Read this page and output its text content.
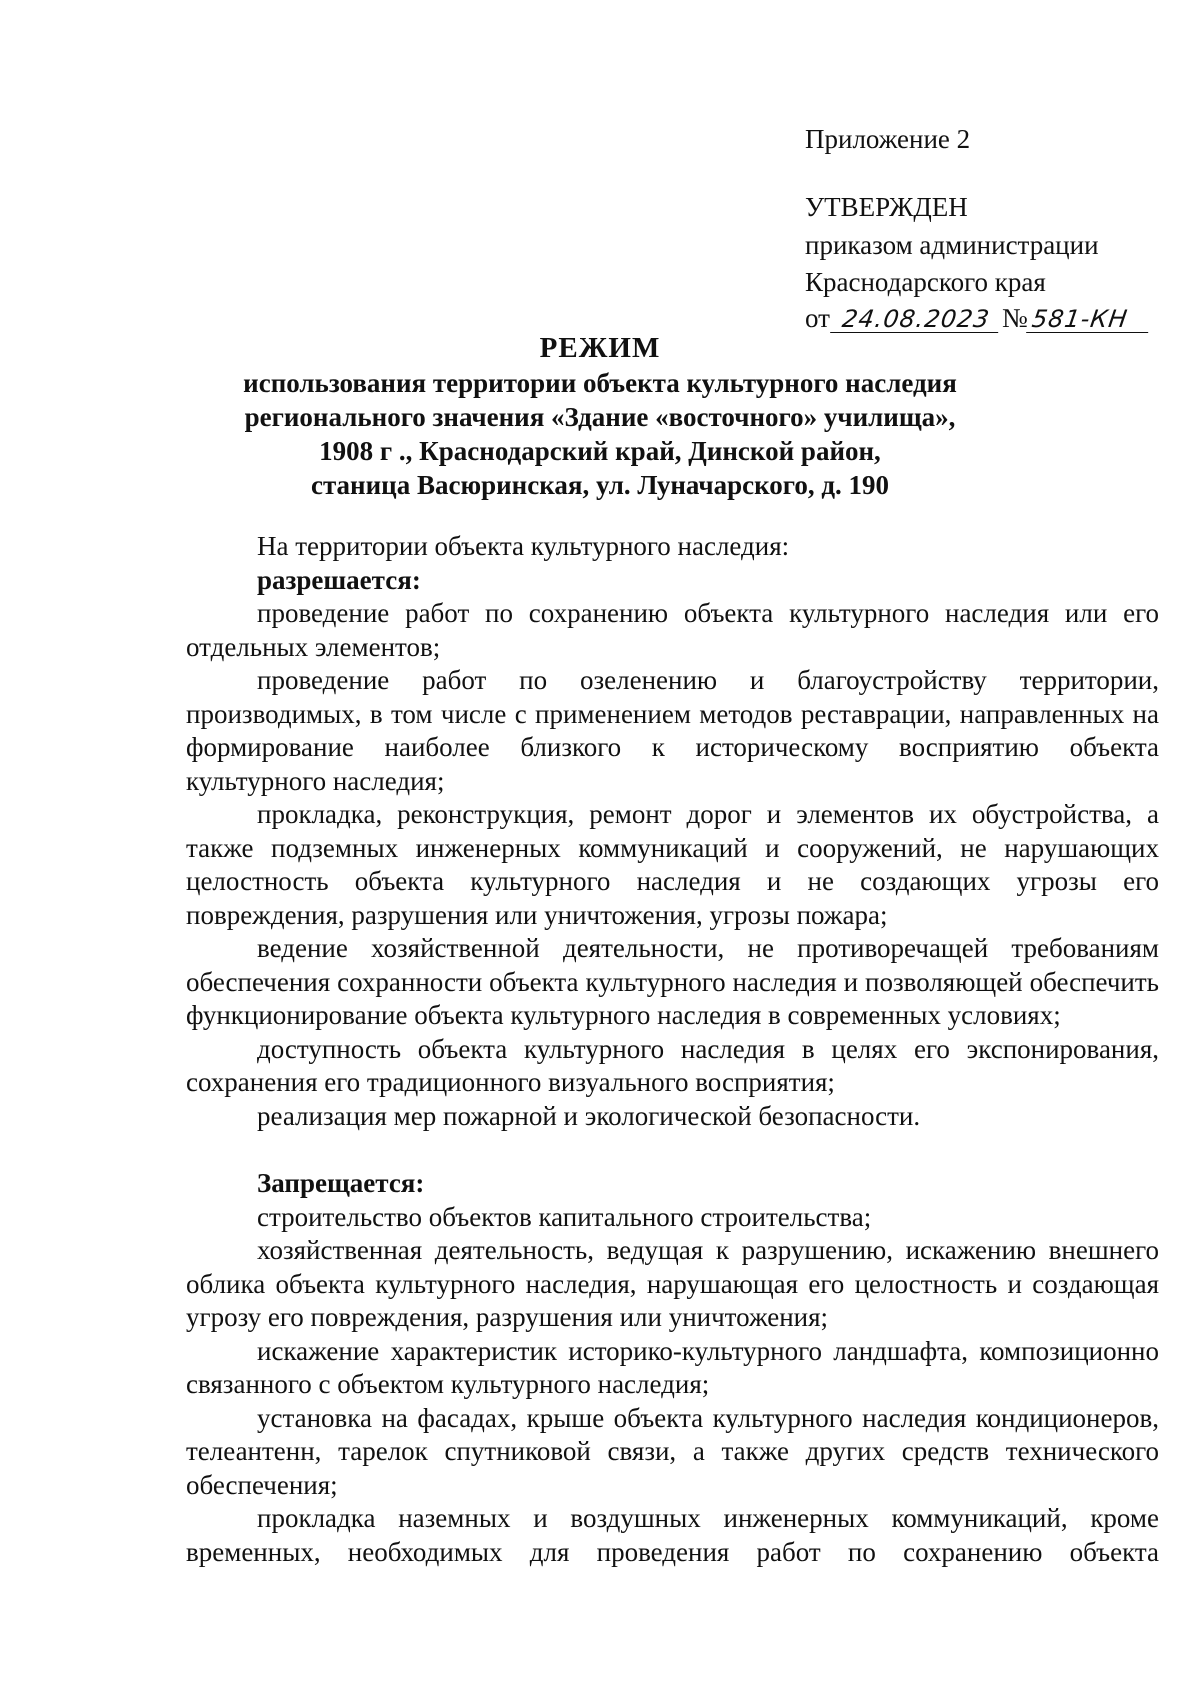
Приложение 2
УТВЕРЖДЕН
приказом администрации
Краснодарского края
от 24.08.2023 №581-КН
РЕЖИМ
использования территории объекта культурного наследия
регионального значения «Здание «восточного» училища»,
1908 г ., Краснодарский край, Динской район,
станица Васюринская, ул. Луначарского, д. 190

На территории объекта культурного наследия:

разрешается:

проведение работ по сохранению объекта культурного наследия или его отдельных элементов;

проведение работ по озеленению и благоустройству территории, производимых, в том числе с применением методов реставрации, направленных на формирование наиболее близкого к историческому восприятию объекта культурного наследия;

прокладка, реконструкция, ремонт дорог и элементов их обустройства, а также подземных инженерных коммуникаций и сооружений, не нарушающих целостность объекта культурного наследия и не создающих угрозы его повреждения, разрушения или уничтожения, угрозы пожара;

ведение хозяйственной деятельности, не противоречащей требованиям обеспечения сохранности объекта культурного наследия и позволяющей обеспечить функционирование объекта культурного наследия в современных условиях;

доступность объекта культурного наследия в целях его экспонирования, сохранения его традиционного визуального восприятия;

реализация мер пожарной и экологической безопасности.

Запрещается:

строительство объектов капитального строительства;

хозяйственная деятельность, ведущая к разрушению, искажению внешнего облика объекта культурного наследия, нарушающая его целостность и создающая угрозу его повреждения, разрушения или уничтожения;

искажение характеристик историко-культурного ландшафта, композиционно связанного с объектом культурного наследия;

установка на фасадах, крыше объекта культурного наследия кондиционеров, телеантенн, тарелок спутниковой связи, а также других средств технического обеспечения;

прокладка наземных и воздушных инженерных коммуникаций, кроме временных, необходимых для проведения работ по сохранению объекта
